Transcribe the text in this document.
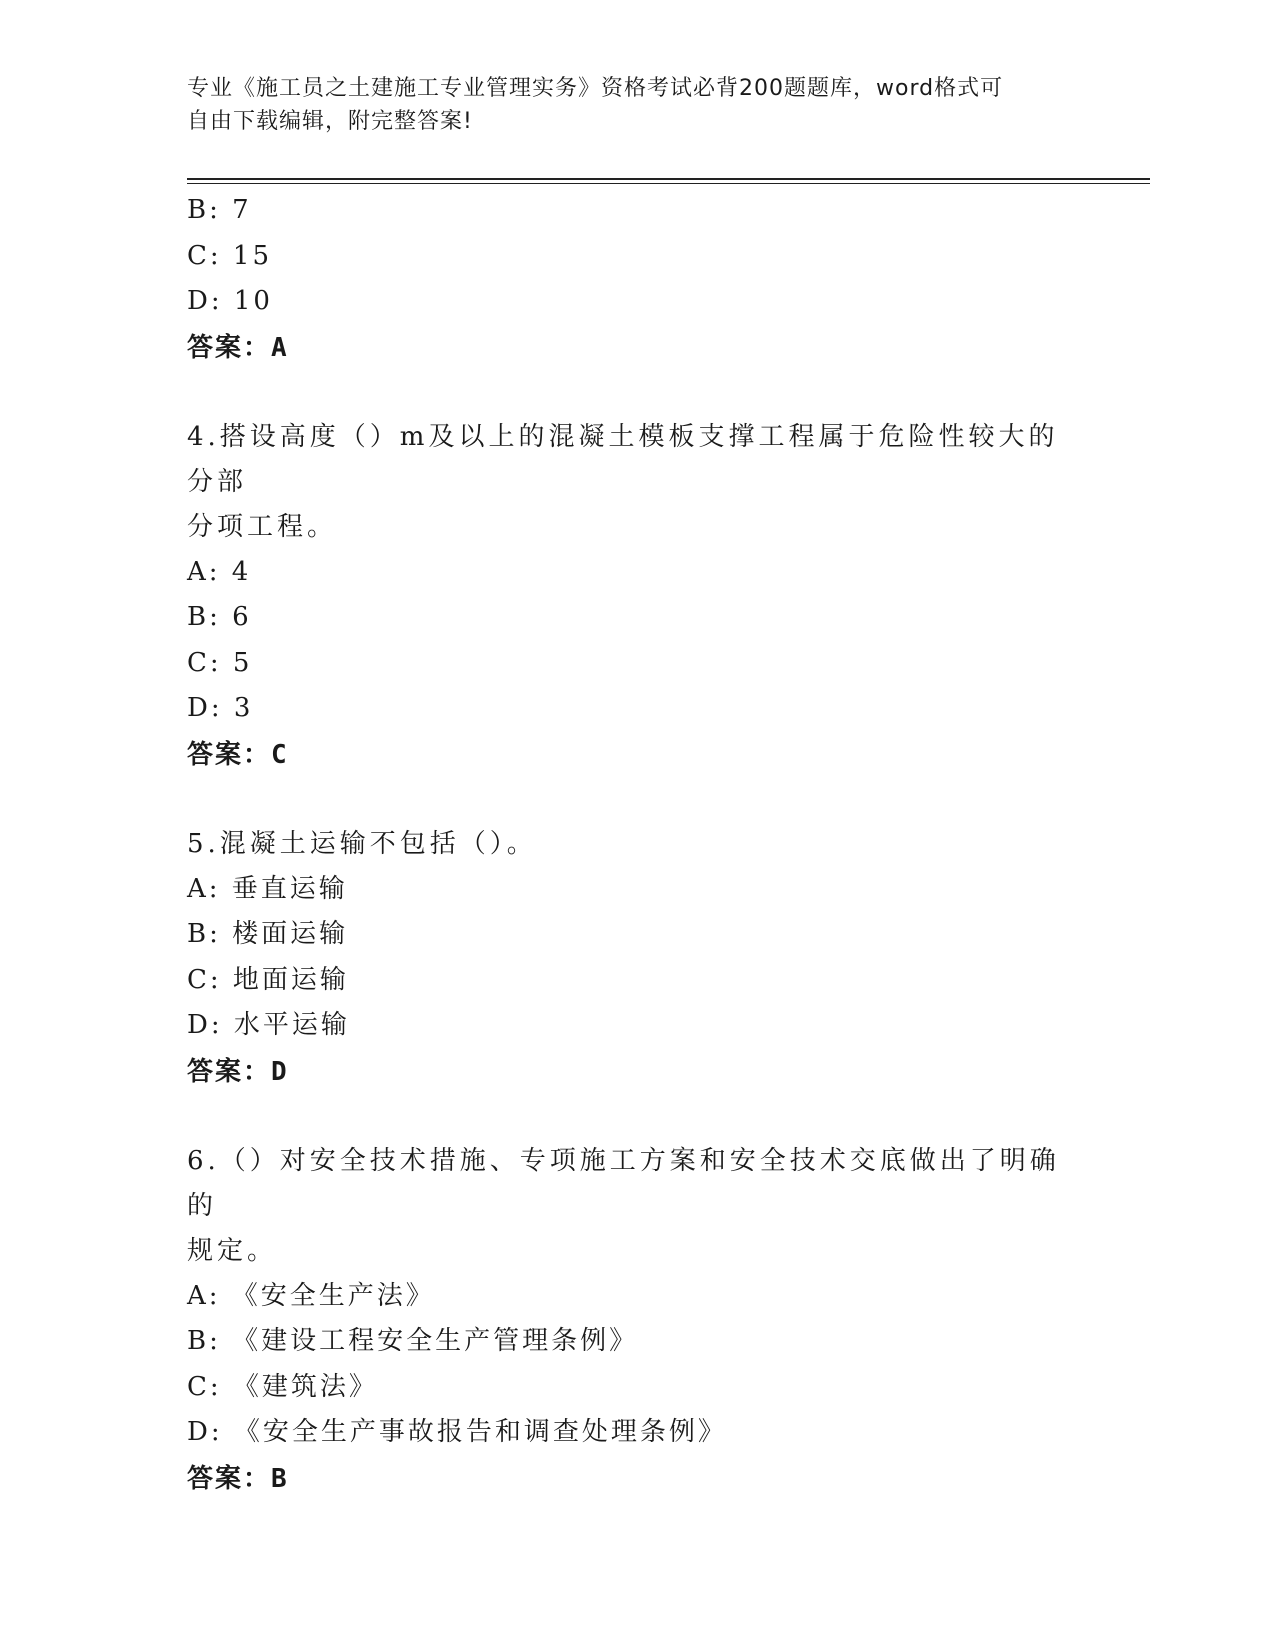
专业《施工员之土建施工专业管理实务》资格考试必背200题题库，word格式可
自由下载编辑，附完整答案!
B: 7
C: 15
D: 10
答案：A
4.搭设高度（）m及以上的混凝土模板支撑工程属于危险性较大的分部
分项工程。
A: 4
B: 6
C: 5
D: 3
答案：C
5.混凝土运输不包括（）。
A: 垂直运输
B: 楼面运输
C: 地面运输
D: 水平运输
答案：D
6.（）对安全技术措施、专项施工方案和安全技术交底做出了明确的
规定。
A: 《安全生产法》
B: 《建设工程安全生产管理条例》
C: 《建筑法》
D: 《安全生产事故报告和调查处理条例》
答案：B
